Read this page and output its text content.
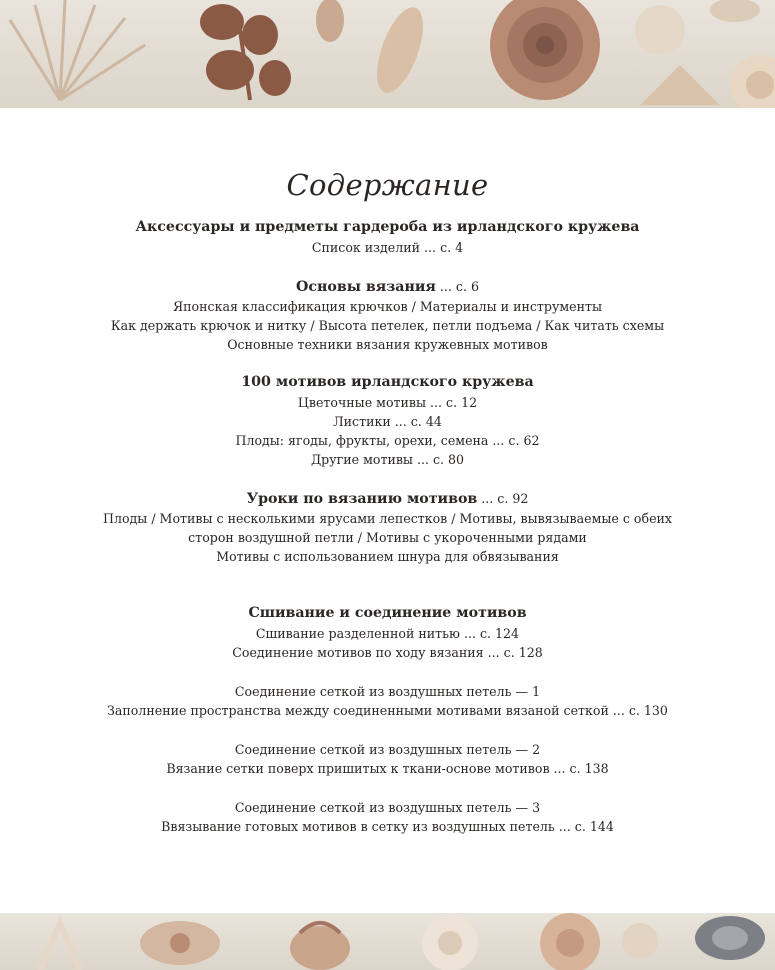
Содержание
Аксессуары и предметы гардероба из ирландского кружева
Список изделий ... с. 4
Основы вязания ... с. 6
Японская классификация крючков / Материалы и инструменты
Как держать крючок и нитку / Высота петелек, петли подъема / Как читать схемы
Основные техники вязания кружевных мотивов
100 мотивов ирландского кружева
Цветочные мотивы ... с. 12
Листики ... с. 44
Плоды: ягоды, фрукты, орехи, семена ... с. 62
Другие мотивы ... с. 80
Уроки по вязанию мотивов ... с. 92
Плоды / Мотивы с несколькими ярусами лепестков / Мотивы, вывязываемые с обеих
сторон воздушной петли / Мотивы с укороченными рядами
Мотивы с использованием шнура для обвязывания
Сшивание и соединение мотивов
Сшивание разделенной нитью ... с. 124
Соединение мотивов по ходу вязания ... с. 128
Соединение сеткой из воздушных петель — 1
Заполнение пространства между соединенными мотивами вязаной сеткой ... с. 130
Соединение сеткой из воздушных петель — 2
Вязание сетки поверх пришитых к ткани-основе мотивов ... с. 138
Соединение сеткой из воздушных петель — 3
Ввязывание готовых мотивов в сетку из воздушных петель ... с. 144
